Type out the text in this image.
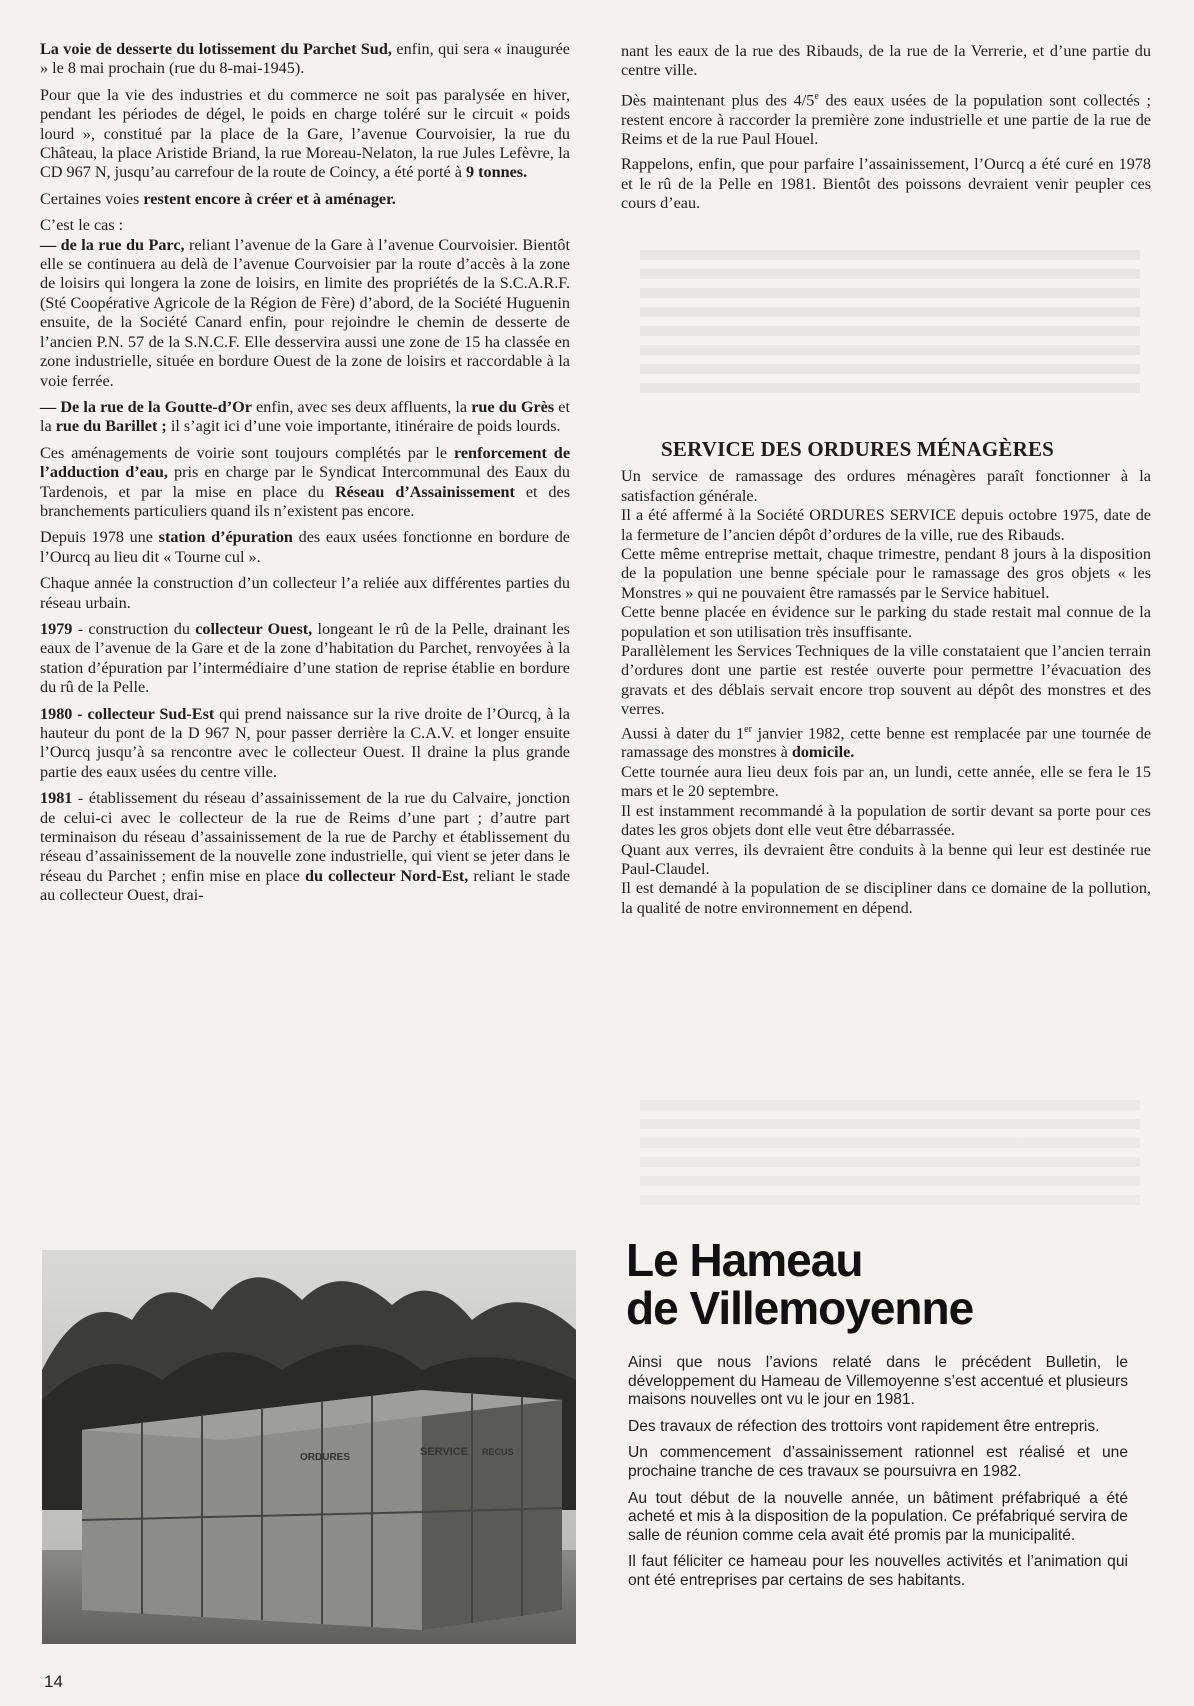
La voie de desserte du lotissement du Parchet Sud, enfin, qui sera « inaugurée » le 8 mai prochain (rue du 8-mai-1945).

Pour que la vie des industries et du commerce ne soit pas paralysée en hiver, pendant les périodes de dégel, le poids en charge toléré sur le circuit « poids lourd », constitué par la place de la Gare, l’avenue Courvoisier, la rue du Château, la place Aristide Briand, la rue Moreau-Nelaton, la rue Jules Lefèvre, la CD 967 N, jusqu’au carrefour de la route de Coincy, a été porté à 9 tonnes.

Certaines voies restent encore à créer et à aménager.

C’est le cas :
— de la rue du Parc, reliant l’avenue de la Gare à l’avenue Courvoisier. Bientôt elle se continuera au delà de l’avenue Courvoisier par la route d’accès à la zone de loisirs qui longera la zone de loisirs, en limite des propriétés de la S.C.A.R.F. (Sté Coopérative Agricole de la Région de Fère) d’abord, de la Société Huguenin ensuite, de la Société Canard enfin, pour rejoindre le chemin de desserte de l’ancien P.N. 57 de la S.N.C.F. Elle desservira aussi une zone de 15 ha classée en zone industrielle, située en bordure Ouest de la zone de loisirs et raccordable à la voie ferrée.

— De la rue de la Goutte-d’Or enfin, avec ses deux affluents, la rue du Grès et la rue du Barillet ; il s’agit ici d’une voie importante, itinéraire de poids lourds.

Ces aménagements de voirie sont toujours complétés par le renforcement de l’adduction d’eau, pris en charge par le Syndicat Intercommunal des Eaux du Tardenois, et par la mise en place du Réseau d’Assainissement et des branchements particuliers quand ils n’existent pas encore.

Depuis 1978 une station d’épuration des eaux usées fonctionne en bordure de l’Ourcq au lieu dit « Tourne cul ».

Chaque année la construction d’un collecteur l’a reliée aux différentes parties du réseau urbain.

1979 - construction du collecteur Ouest, longeant le rû de la Pelle, drainant les eaux de l’avenue de la Gare et de la zone d’habitation du Parchet, renvoyées à la station d’épuration par l’intermédiaire d’une station de reprise établie en bordure du rû de la Pelle.

1980 - collecteur Sud-Est qui prend naissance sur la rive droite de l’Ourcq, à la hauteur du pont de la D 967 N, pour passer derrière la C.A.V. et longer ensuite l’Ourcq jusqu’à sa rencontre avec le collecteur Ouest. Il draine la plus grande partie des eaux usées du centre ville.

1981 - établissement du réseau d’assainissement de la rue du Calvaire, jonction de celui-ci avec le collecteur de la rue de Reims d’une part ; d’autre part terminaison du réseau d’assainissement de la rue de Parchy et établissement du réseau d’assainissement de la nouvelle zone industrielle, qui vient se jeter dans le réseau du Parchet ; enfin mise en place du collecteur Nord-Est, reliant le stade au collecteur Ouest, drai-

nant les eaux de la rue des Ribauds, de la rue de la Verrerie, et d’une partie du centre ville.

Dès maintenant plus des 4/5e des eaux usées de la population sont collectés ; restent encore à raccorder la première zone industrielle et une partie de la rue de Reims et de la rue Paul Houel.

Rappelons, enfin, que pour parfaire l’assainissement, l’Ourcq a été curé en 1978 et le rû de la Pelle en 1981. Bientôt des poissons devraient venir peupler ces cours d’eau.

SERVICE DES ORDURES MÉNAGÈRES

Un service de ramassage des ordures ménagères paraît fonctionner à la satisfaction générale.

Il a été affermé à la Société ORDURES SERVICE depuis octobre 1975, date de la fermeture de l’ancien dépôt d’ordures de la ville, rue des Ribauds.

Cette même entreprise mettait, chaque trimestre, pendant 8 jours à la disposition de la population une benne spéciale pour le ramassage des gros objets « les Monstres » qui ne pouvaient être ramassés par le Service habituel.

Cette benne placée en évidence sur le parking du stade restait mal connue de la population et son utilisation très insuffisante.

Parallèlement les Services Techniques de la ville constataient que l’ancien terrain d’ordures dont une partie est restée ouverte pour permettre l’évacuation des gravats et des déblais servait encore trop souvent au dépôt des monstres et des verres.

Aussi à dater du 1er janvier 1982, cette benne est remplacée par une tournée de ramassage des monstres à domicile.

Cette tournée aura lieu deux fois par an, un lundi, cette année, elle se fera le 15 mars et le 20 septembre.

Il est instamment recommandé à la population de sortir devant sa porte pour ces dates les gros objets dont elle veut être débarrassée.

Quant aux verres, ils devraient être conduits à la benne qui leur est destinée rue Paul-Claudel.

Il est demandé à la population de se discipliner dans ce domaine de la pollution, la qualité de notre environnement en dépend.

ORDURES	SERVICE RECUS
Le Hameau
de Villemoyenne

Ainsi que nous l’avions relaté dans le précédent Bulletin, le développement du Hameau de Villemoyenne s’est accentué et plusieurs maisons nouvelles ont vu le jour en 1981.

Des travaux de réfection des trottoirs vont rapidement être entrepris.

Un commencement d’assainissement rationnel est réalisé et une prochaine tranche de ces travaux se poursuivra en 1982.

Au tout début de la nouvelle année, un bâtiment préfabriqué a été acheté et mis à la disposition de la population. Ce préfabriqué servira de salle de réunion comme cela avait été promis par la municipalité.

Il faut féliciter ce hameau pour les nouvelles activités et l’animation qui ont été entreprises par certains de ses habitants.

14
